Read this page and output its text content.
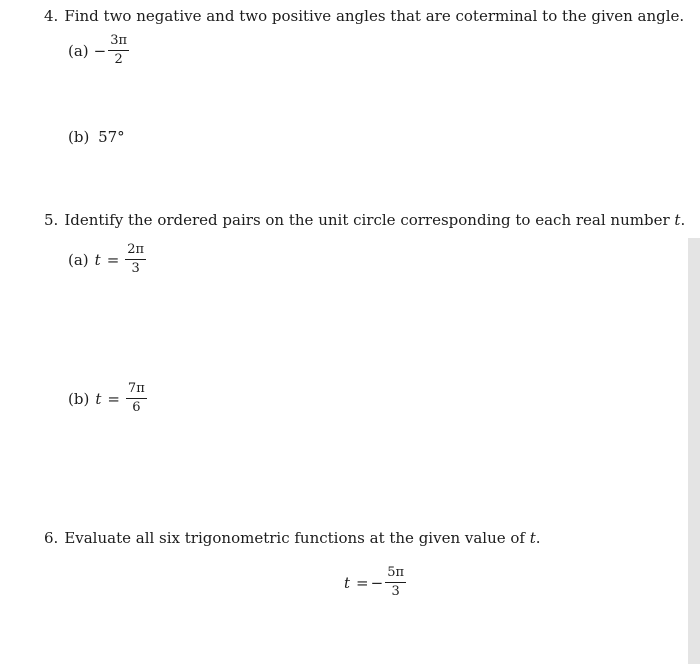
4. Find two negative and two positive angles that are coterminal to the given angle.
$(a) - \frac{3\pi}{2}$
(b) 57°
5. Identify the ordered pairs on the unit circle corresponding to each real number t.
(a) $t = \frac{2\pi}{3}$
(b) $t = \frac{7\pi}{6}$
6. Evaluate all six trigonometric functions at the given value of t.
t = − $\frac{5\pi}{3}$
